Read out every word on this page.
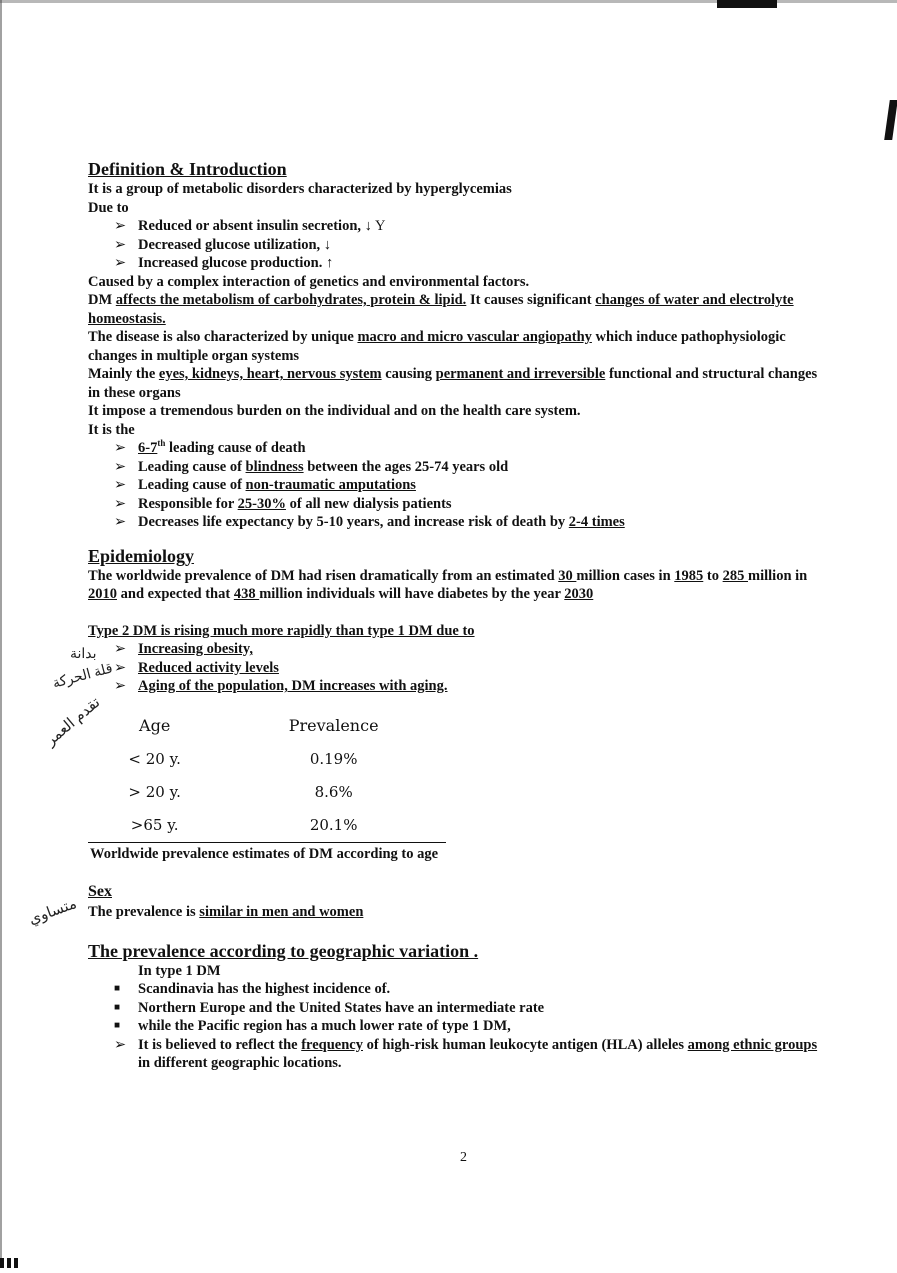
Definition & Introduction

It is a group of metabolic disorders characterized by hyperglycemias

Due to

➢ Reduced or absent insulin secretion, ↓ Y
➢ Decreased glucose utilization, ↓
➢ Increased glucose production. ↑

Caused by a complex interaction of genetics and environmental factors.

DM affects the metabolism of carbohydrates, protein & lipid. It causes significant changes of water and electrolyte homeostasis.

The disease is also characterized by unique macro and micro vascular angiopathy which induce pathophysiologic changes in multiple organ systems

Mainly the eyes, kidneys, heart, nervous system causing permanent and irreversible functional and structural changes in these organs

It impose a tremendous burden on the individual and on the health care system.

It is the

➢ 6-7th leading cause of death
➢ Leading cause of blindness between the ages 25-74 years old
➢ Leading cause of non-traumatic amputations
➢ Responsible for 25-30% of all new dialysis patients
➢ Decreases life expectancy by 5-10 years, and increase risk of death by 2-4 times

Epidemiology

The worldwide prevalence of DM had risen dramatically from an estimated 30 million cases in 1985 to 285 million in 2010 and expected that 438 million individuals will have diabetes by the year 2030

Type 2 DM is rising much more rapidly than type 1 DM due to

➢ Increasing obesity,
➢ Reduced activity levels
➢ Aging of the population, DM increases with aging.
Age	Prevalence
< 20 y.	0.19%
> 20 y.	8.6%
>65 y.	20.1%

Worldwide prevalence estimates of DM according to age

Sex

The prevalence is similar in men and women

The prevalence according to geographic variation .

In type 1 DM

■ Scandinavia has the highest incidence of.
■ Northern Europe and the United States have an intermediate rate
■ while the Pacific region has a much lower rate of type 1 DM,
➢ It is believed to reflect the frequency of high-risk human leukocyte antigen (HLA) alleles among ethnic groups in different geographic locations.
بدانة
قلة الحركة
تقدم العمر
متساوي
2
